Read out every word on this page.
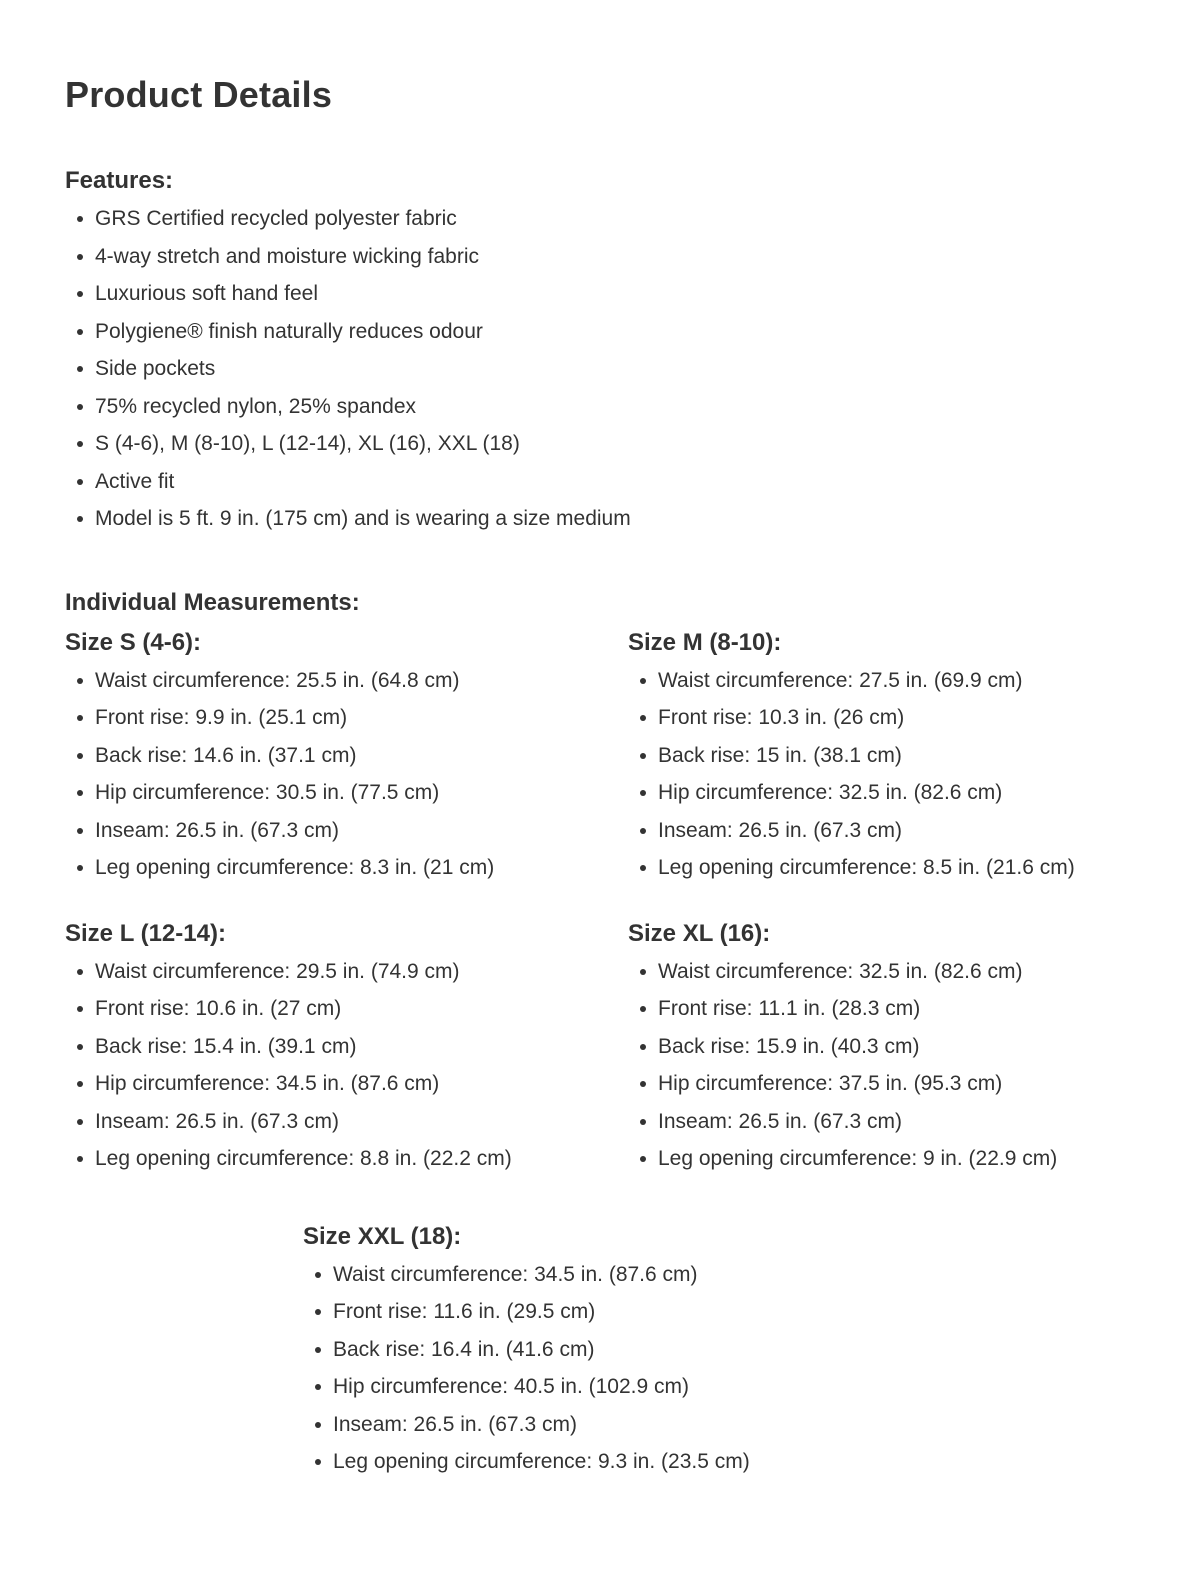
Product Details
Features:
GRS Certified recycled polyester fabric
4-way stretch and moisture wicking fabric
Luxurious soft hand feel
Polygiene® finish naturally reduces odour
Side pockets
75% recycled nylon, 25% spandex
S (4-6), M (8-10), L (12-14), XL (16), XXL (18)
Active fit
Model is 5 ft. 9 in. (175 cm) and is wearing a size medium
Individual Measurements:
Size S (4-6):
Waist circumference: 25.5 in. (64.8 cm)
Front rise: 9.9 in. (25.1 cm)
Back rise: 14.6 in. (37.1 cm)
Hip circumference: 30.5 in. (77.5 cm)
Inseam: 26.5 in. (67.3 cm)
Leg opening circumference: 8.3 in. (21 cm)
Size M (8-10):
Waist circumference: 27.5 in. (69.9 cm)
Front rise: 10.3 in. (26 cm)
Back rise: 15 in. (38.1 cm)
Hip circumference: 32.5 in. (82.6 cm)
Inseam: 26.5 in. (67.3 cm)
Leg opening circumference: 8.5 in. (21.6 cm)
Size L (12-14):
Waist circumference: 29.5 in. (74.9 cm)
Front rise: 10.6 in. (27 cm)
Back rise: 15.4 in. (39.1 cm)
Hip circumference: 34.5 in. (87.6 cm)
Inseam: 26.5 in. (67.3 cm)
Leg opening circumference: 8.8 in. (22.2 cm)
Size XL (16):
Waist circumference: 32.5 in. (82.6 cm)
Front rise: 11.1 in. (28.3 cm)
Back rise: 15.9 in. (40.3 cm)
Hip circumference: 37.5 in. (95.3 cm)
Inseam: 26.5 in. (67.3 cm)
Leg opening circumference: 9 in. (22.9 cm)
Size XXL (18):
Waist circumference: 34.5 in. (87.6 cm)
Front rise: 11.6 in. (29.5 cm)
Back rise: 16.4 in. (41.6 cm)
Hip circumference: 40.5 in. (102.9 cm)
Inseam: 26.5 in. (67.3 cm)
Leg opening circumference: 9.3 in. (23.5 cm)
